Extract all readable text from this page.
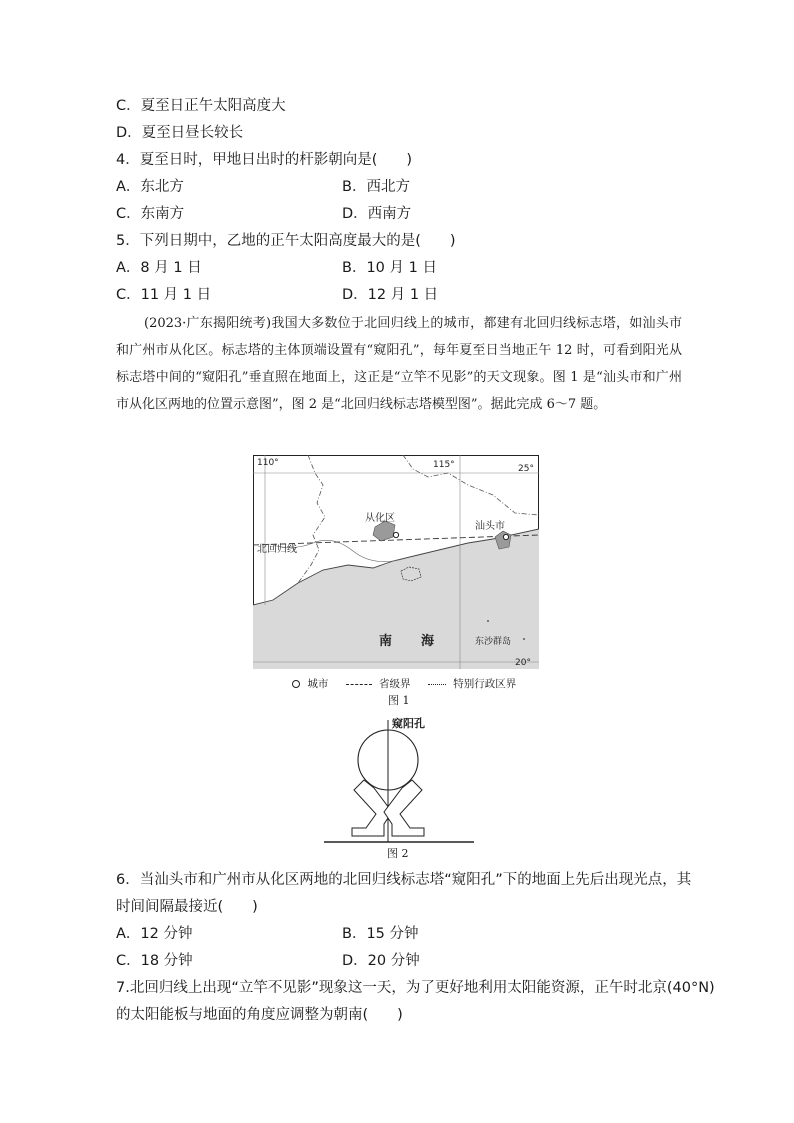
C．夏至日正午太阳高度大
D．夏至日昼长较长
4．夏至日时，甲地日出时的杆影朝向是(　　)
A．东北方	B．西北方
C．东南方	D．西南方
5．下列日期中，乙地的正午太阳高度最大的是(　　)
A．8 月 1 日	B．10 月 1 日
C．11 月 1 日	D．12 月 1 日
(2023·广东揭阳统考)我国大多数位于北回归线上的城市，都建有北回归线标志塔，如汕头市和广州市从化区。标志塔的主体顶端设置有“窥阳孔”，每年夏至日当地正午 12 时，可看到阳光从标志塔中间的“窥阳孔”垂直照在地面上，这正是“立竿不见影”的天文现象。图 1 是“汕头市和广州市从化区两地的位置示意图”，图 2 是“北回归线标志塔模型图”。据此完成 6～7 题。
从化区
汕头市
110°	115°	25°
20°
北回归线
南 海	东沙群岛
城市	省级界	特别行政区界
图 1
窥阳孔
图 2
6．当汕头市和广州市从化区两地的北回归线标志塔“窥阳孔”下的地面上先后出现光点，其
时间间隔最接近(　　)
A．12 分钟	B．15 分钟
C．18 分钟	D．20 分钟
7.北回归线上出现“立竿不见影”现象这一天，为了更好地利用太阳能资源，正午时北京(40°N)
的太阳能板与地面的角度应调整为朝南(　　)
